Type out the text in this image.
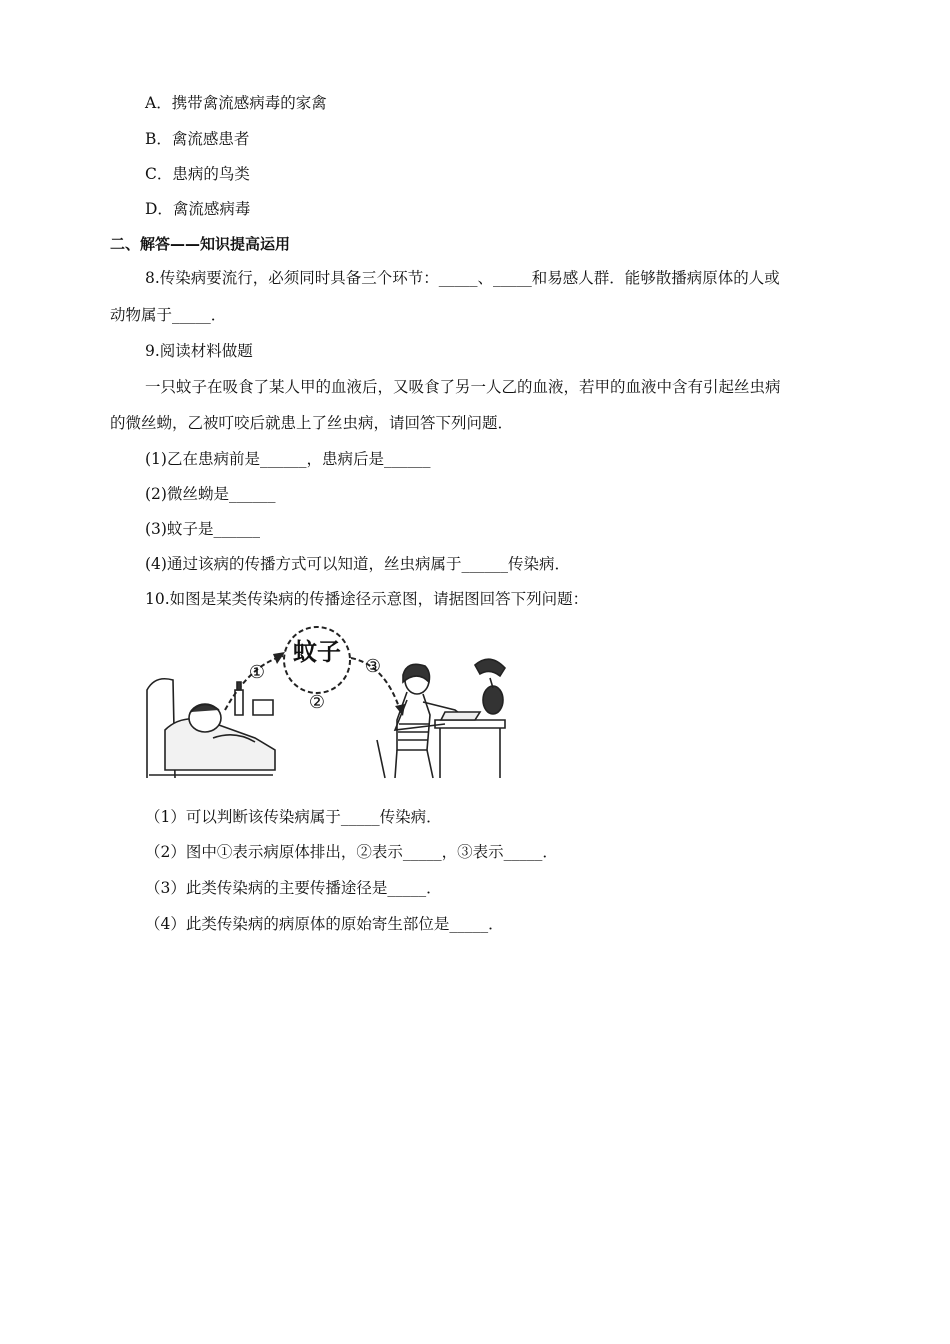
A．携带禽流感病毒的家禽
B．禽流感患者
C．患病的鸟类
D．禽流感病毒
二、解答——知识提高运用
8.传染病要流行，必须同时具备三个环节：_____、_____和易感人群．能够散播病原体的人或
动物属于_____．
9.阅读材料做题
一只蚊子在吸食了某人甲的血液后，又吸食了另一人乙的血液，若甲的血液中含有引起丝虫病
的微丝蚴，乙被叮咬后就患上了丝虫病，请回答下列问题．
(1)乙在患病前是______，患病后是______
(2)微丝蚴是______
(3)蚊子是______
(4)通过该病的传播方式可以知道，丝虫病属于______传染病．
10.如图是某类传染病的传播途径示意图，请据图回答下列问题：
蚊子
①
②
③
（1）可以判断该传染病属于_____传染病．
（2）图中①表示病原体排出，②表示_____，③表示_____．
（3）此类传染病的主要传播途径是_____．
（4）此类传染病的病原体的原始寄生部位是_____．
